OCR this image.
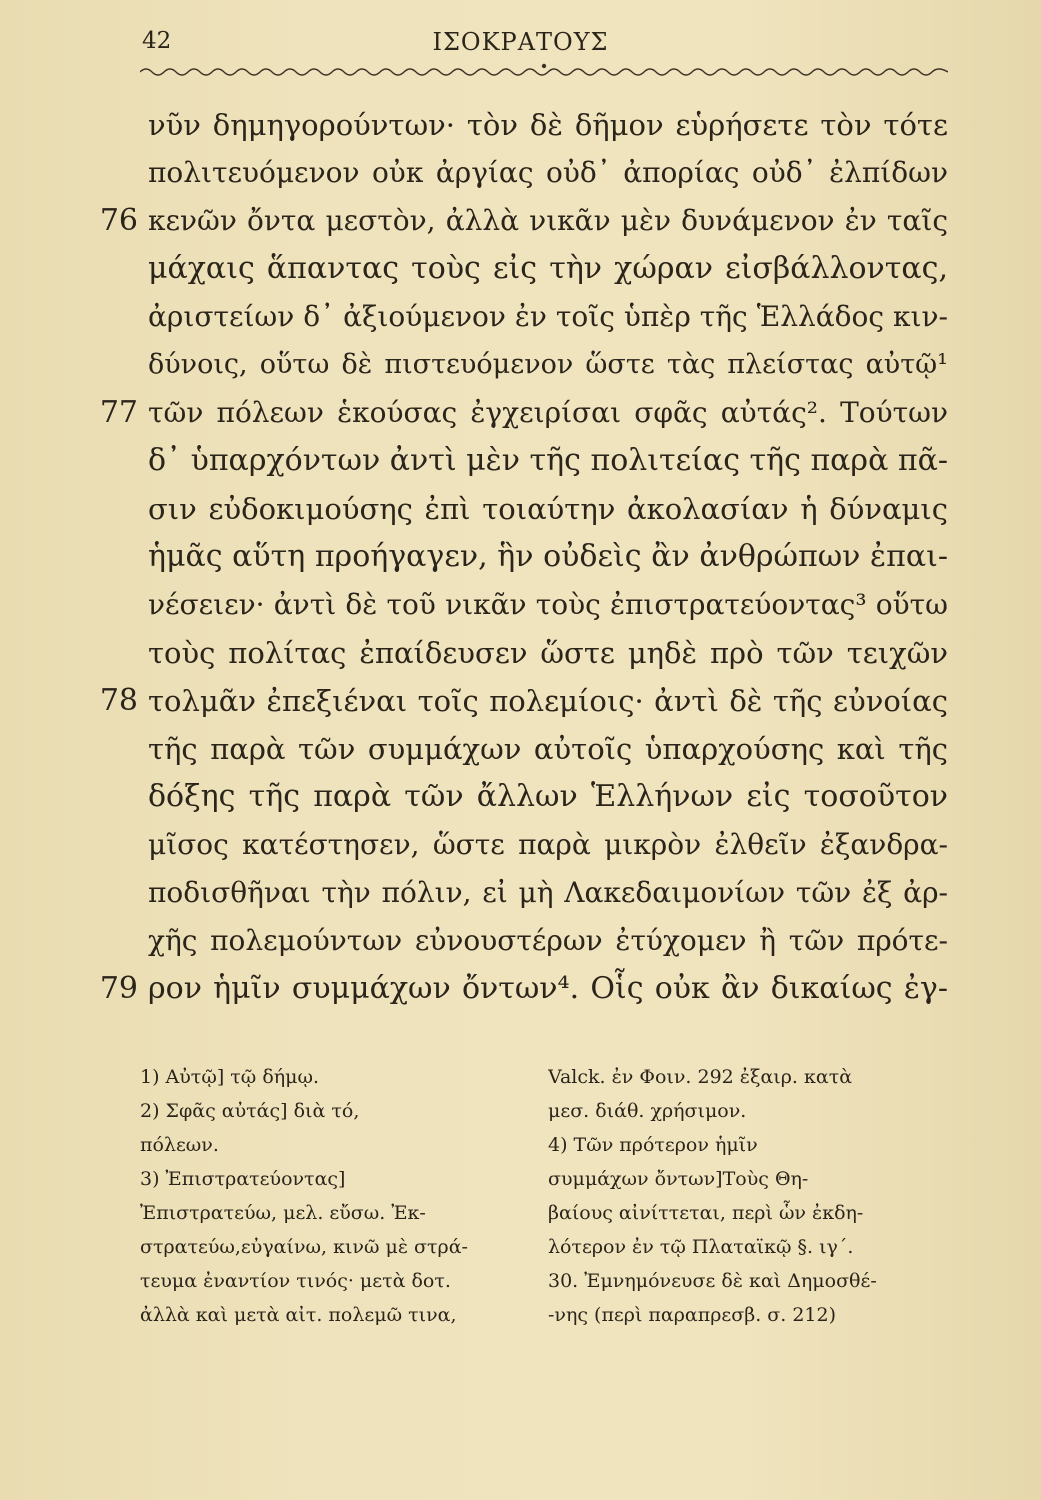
42	ΙΣΟΚΡΑΤΟΥΣ
νῦν δημηγορούντων· τὸν δὲ δῆμον εὑρήσετε τὸν τότε
πολιτευόμενον οὐκ ἀργίας οὐδ᾽ ἀπορίας οὐδ᾽ ἐλπίδων
76 κενῶν ὄντα μεστὸν, ἀλλὰ νικᾶν μὲν δυνάμενον ἐν ταῖς
μάχαις ἅπαντας τοὺς εἰς τὴν χώραν εἰσβάλλοντας,
ἀριστείων δ᾽ ἀξιούμενον ἐν τοῖς ὑπὲρ τῆς Ἑλλάδος κιν-
δύνοις, οὕτω δὲ πιστευόμενον ὥστε τὰς πλείστας αὐτῷ¹
77 τῶν πόλεων ἑκούσας ἐγχειρίσαι σφᾶς αὐτάς². Τούτων
δ᾽ ὑπαρχόντων ἀντὶ μὲν τῆς πολιτείας τῆς παρὰ πᾶ-
σιν εὐδοκιμούσης ἐπὶ τοιαύτην ἀκολασίαν ἡ δύναμις
ἡμᾶς αὕτη προήγαγεν, ἣν οὐδεὶς ἂν ἀνθρώπων ἐπαι-
νέσειεν· ἀντὶ δὲ τοῦ νικᾶν τοὺς ἐπιστρατεύοντας³ οὕτω
τοὺς πολίτας ἐπαίδευσεν ὥστε μηδὲ πρὸ τῶν τειχῶν
78 τολμᾶν ἐπεξιέναι τοῖς πολεμίοις· ἀντὶ δὲ τῆς εὐνοίας
τῆς παρὰ τῶν συμμάχων αὐτοῖς ὑπαρχούσης καὶ τῆς
δόξης τῆς παρὰ τῶν ἄλλων Ἑλλήνων εἰς τοσοῦτον
μῖσος κατέστησεν, ὥστε παρὰ μικρὸν ἐλθεῖν ἐξανδρα-
ποδισθῆναι τὴν πόλιν, εἰ μὴ Λακεδαιμονίων τῶν ἐξ ἀρ-
χῆς πολεμούντων εὐνουστέρων ἐτύχομεν ἢ τῶν πρότε-
79 ρον ἡμῖν συμμάχων ὄντων⁴. Οἷς οὐκ ἂν δικαίως ἐγ-
1) Αὐτῷ] τῷ δήμῳ.
2) Σφᾶς αὐτάς] διὰ τό,
πόλεων.
3) Ἐπιστρατεύοντας]
Ἐπιστρατεύω, μελ. εὔσω. Ἐκ-
στρατεύω,εὐγαίνω, κινῶ μὲ στρά-
τευμα ἐναντίον τινός· μετὰ δοτ.
ἀλλὰ καὶ μετὰ αἰτ. πολεμῶ τινα,
Valck. ἐν Φοιν. 292 ἐξαιρ. κατὰ
μεσ. διάθ. χρήσιμον.
4) Τῶν πρότερον ἡμῖν
συμμάχων ὄντων]Τοὺς Θη-
βαίους αἰνίττεται, περὶ ὧν ἐκδη-
λότερον ἐν τῷ Πλαταϊκῷ §. ιγ´.
30. Ἐμνημόνευσε δὲ καὶ Δημοσθέ-
-νης (περὶ παραπρεσβ. σ. 212)
